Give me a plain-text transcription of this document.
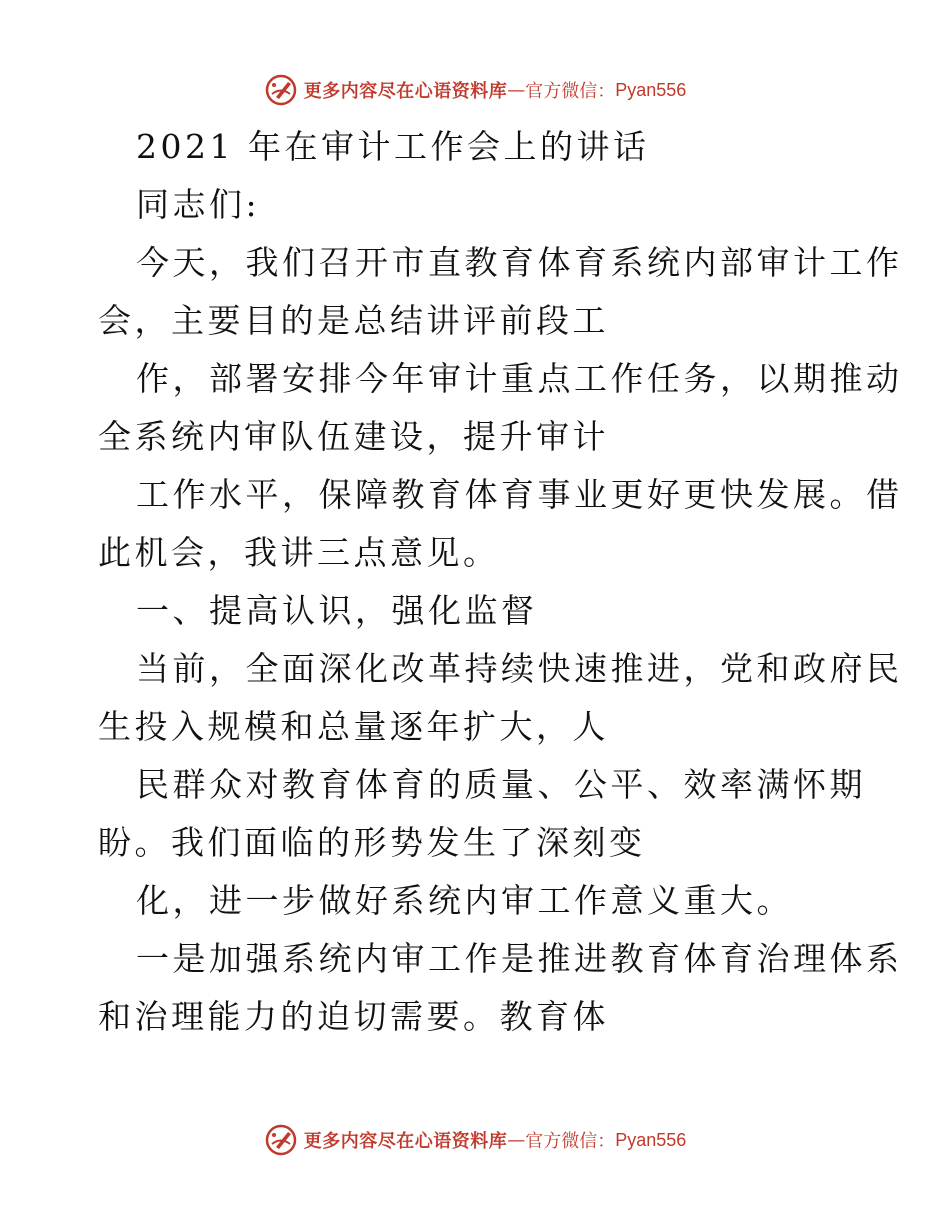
更多内容尽在心语资料库 — 官方微信： Pyan556
2021 年在审计工作会上的讲话
同志们:
今天，我们召开市直教育体育系统内部审计工作
会，主要目的是总结讲评前段工
作，部署安排今年审计重点工作任务，以期推动
全系统内审队伍建设，提升审计
工作水平，保障教育体育事业更好更快发展。借
此机会，我讲三点意见。
一、提高认识，强化监督
当前，全面深化改革持续快速推进，党和政府民
生投入规模和总量逐年扩大，人
民群众对教育体育的质量、公平、效率满怀期
盼。我们面临的形势发生了深刻变
化，进一步做好系统内审工作意义重大。
一是加强系统内审工作是推进教育体育治理体系
和治理能力的迫切需要。教育体
更多内容尽在心语资料库 — 官方微信： Pyan556
